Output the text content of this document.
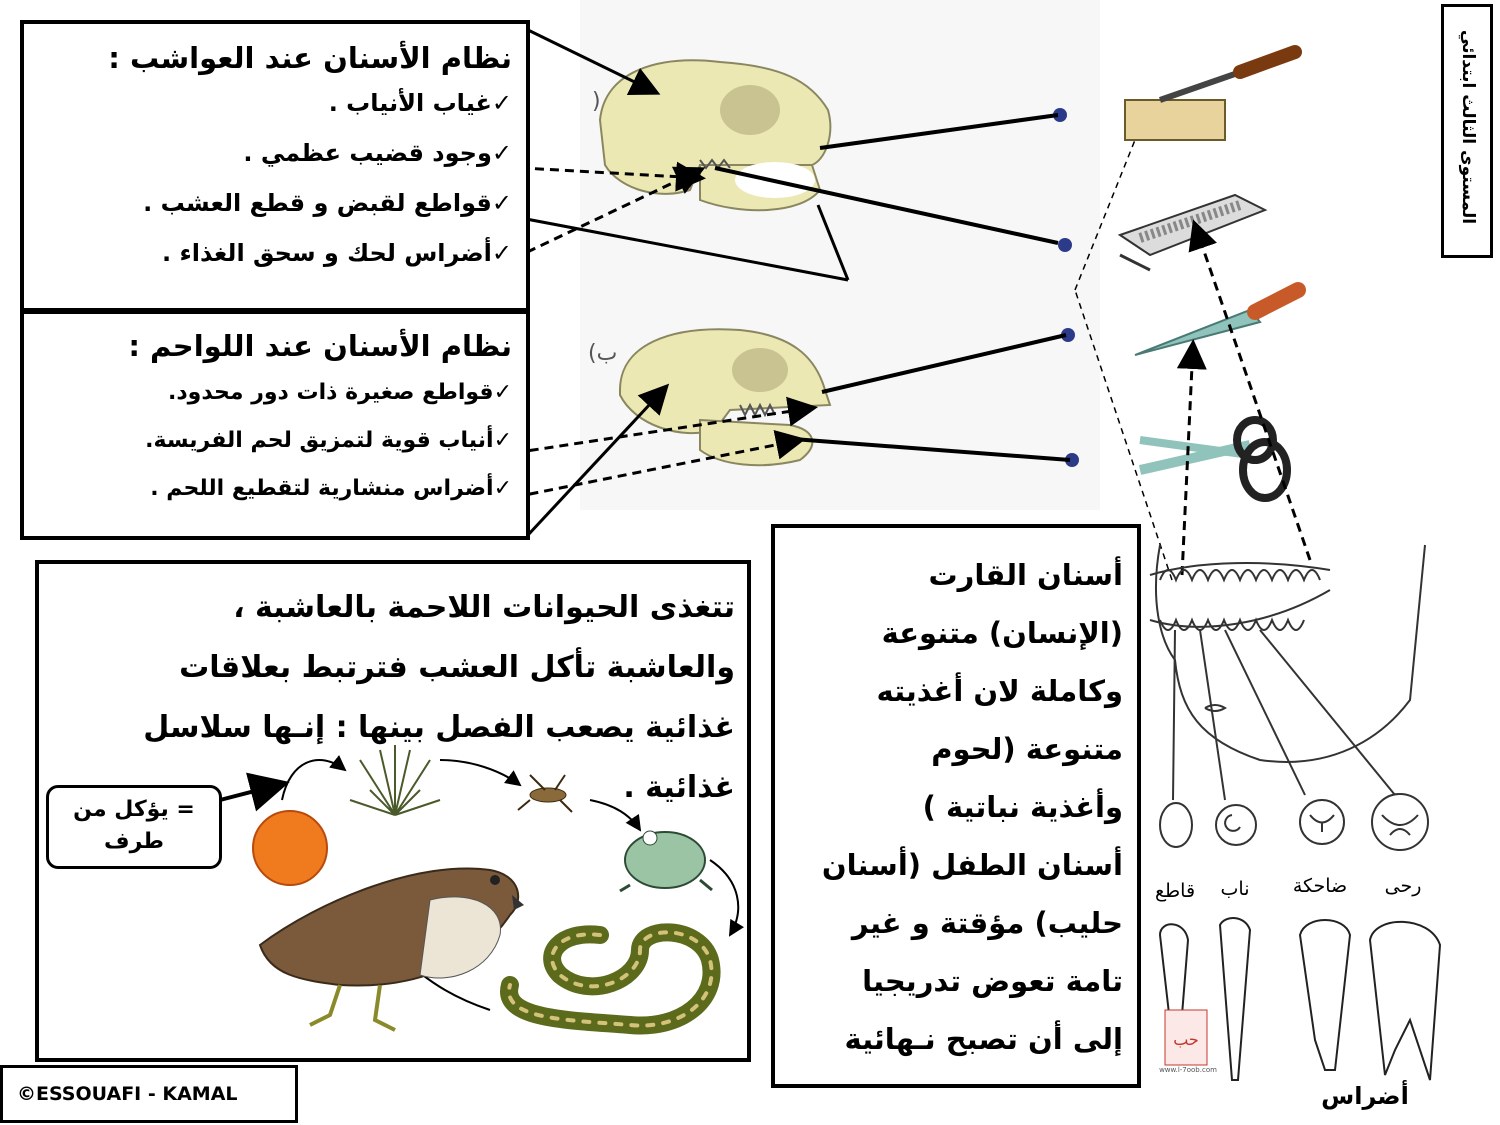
المستوى الثالث ابتدائي
)
(ب
حب
نظام الأسنان عند العواشب :
✓غياب الأنياب .
✓وجود قضيب عظمي .
✓قواطع لقبض و قطع العشب .
✓أضراس لحك و سحق الغذاء .
نظام الأسنان عند اللواحم :
✓قواطع صغيرة ذات دور محدود.
✓أنياب قوية لتمزيق لحم الفريسة.
✓أضراس منشارية لتقطيع اللحم .
تتغذى الحيوانات اللاحمة بالعاشبة ،
والعاشبة تأكل العشب فترتبط بعلاقات
غذائية يصعب الفصل بينها : إنـها سلاسل
غذائية .
= يؤكل من
طرف
أسنان القارت
(الإنسان) متنوعة
وكاملة لان أغذيته
متنوعة (لحوم
وأغذية نباتية )
أسنان الطفل (أسنان
حليب) مؤقتة و غير
تامة تعوض تدريجيا
إلى أن تصبح نـهائية
رحى
ضاحكة
ناب
قاطع
أضراس
www.l-7oob.com
©ESSOUAFI - KAMAL
